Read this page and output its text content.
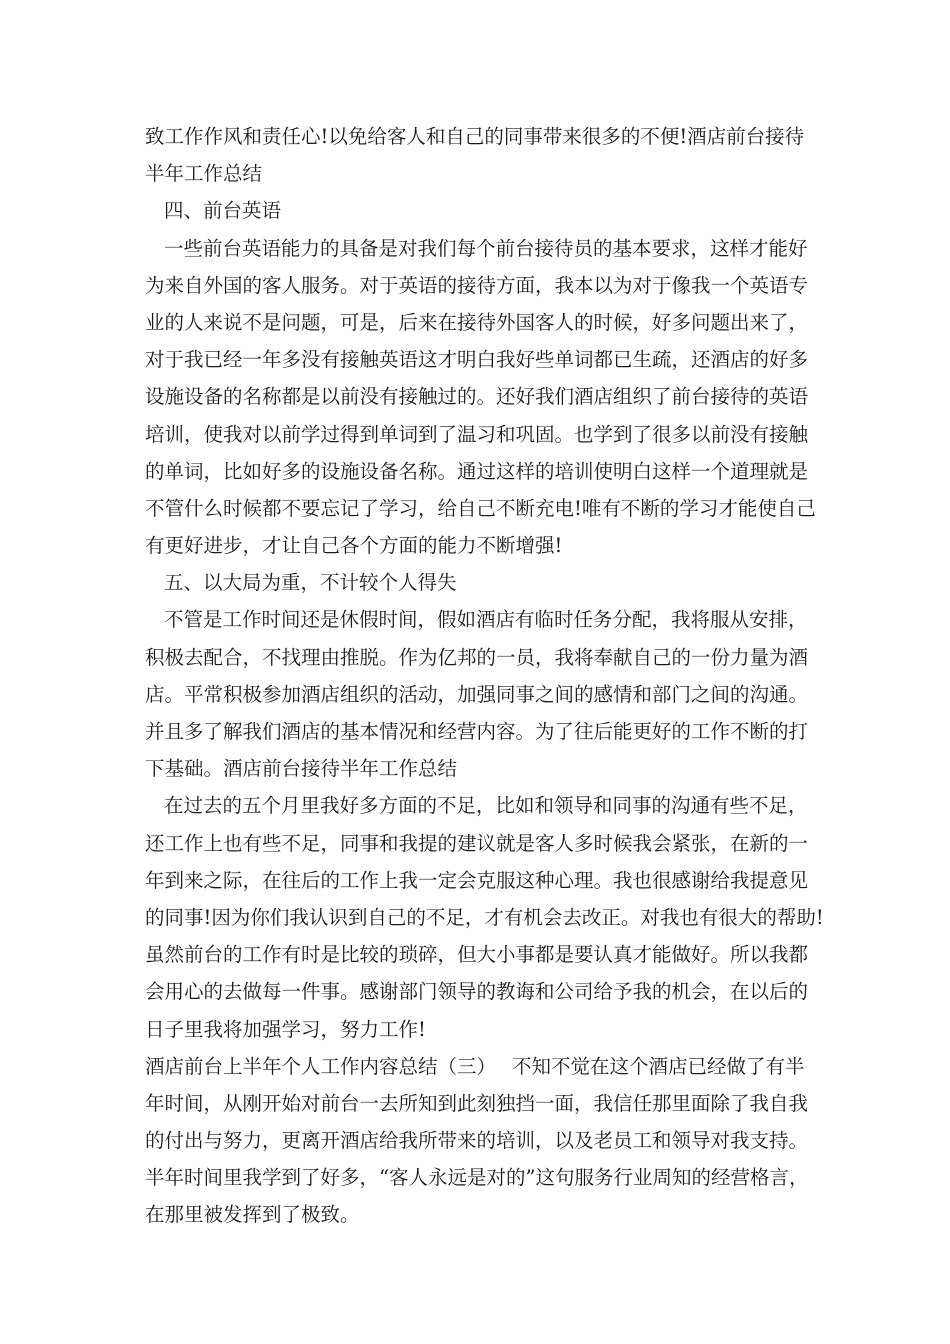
致工作作风和责任心!以免给客人和自己的同事带来很多的不便!酒店前台接待
半年工作总结
四、前台英语
一些前台英语能力的具备是对我们每个前台接待员的基本要求，这样才能好
为来自外国的客人服务。对于英语的接待方面，我本以为对于像我一个英语专
业的人来说不是问题，可是，后来在接待外国客人的时候，好多问题出来了，
对于我已经一年多没有接触英语这才明白我好些单词都已生疏，还酒店的好多
设施设备的名称都是以前没有接触过的。还好我们酒店组织了前台接待的英语
培训，使我对以前学过得到单词到了温习和巩固。也学到了很多以前没有接触
的单词，比如好多的设施设备名称。通过这样的培训使明白这样一个道理就是
不管什么时候都不要忘记了学习，给自己不断充电!唯有不断的学习才能使自己
有更好进步，才让自己各个方面的能力不断增强!
五、以大局为重，不计较个人得失
不管是工作时间还是休假时间，假如酒店有临时任务分配，我将服从安排，
积极去配合，不找理由推脱。作为亿邦的一员，我将奉献自己的一份力量为酒
店。平常积极参加酒店组织的活动，加强同事之间的感情和部门之间的沟通。
并且多了解我们酒店的基本情况和经营内容。为了往后能更好的工作不断的打
下基础。酒店前台接待半年工作总结
在过去的五个月里我好多方面的不足，比如和领导和同事的沟通有些不足，
还工作上也有些不足，同事和我提的建议就是客人多时候我会紧张，在新的一
年到来之际，在往后的工作上我一定会克服这种心理。我也很感谢给我提意见
的同事!因为你们我认识到自己的不足，才有机会去改正。对我也有很大的帮助!
虽然前台的工作有时是比较的琐碎，但大小事都是要认真才能做好。所以我都
会用心的去做每一件事。感谢部门领导的教诲和公司给予我的机会，在以后的
日子里我将加强学习，努力工作!
酒店前台上半年个人工作内容总结（三）　 不知不觉在这个酒店已经做了有半
年时间，从刚开始对前台一去所知到此刻独挡一面，我信任那里面除了我自我
的付出与努力，更离开酒店给我所带来的培训，以及老员工和领导对我支持。
半年时间里我学到了好多，“客人永远是对的”这句服务行业周知的经营格言，
在那里被发挥到了极致。
